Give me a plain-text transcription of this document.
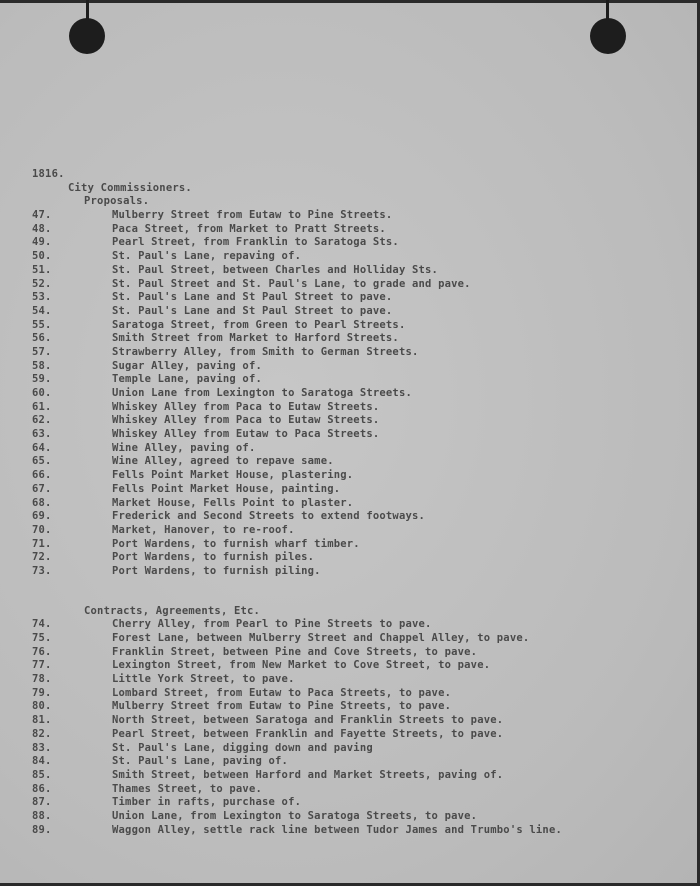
1816.
City Commissioners.
Proposals.
47.	Mulberry Street from Eutaw to Pine Streets.
48.	Paca Street, from Market to Pratt Streets.
49.	Pearl Street, from Franklin to Saratoga Sts.
50.	St. Paul's Lane, repaving of.
51.	St. Paul Street, between Charles and Holliday Sts.
52.	St. Paul Street and St. Paul's Lane, to grade and pave.
53.	St. Paul's Lane and St Paul Street to pave.
54.	St. Paul's Lane and St Paul Street to pave.
55.	Saratoga Street, from Green to Pearl Streets.
56.	Smith Street from Market to Harford Streets.
57.	Strawberry Alley, from Smith to German Streets.
58.	Sugar Alley, paving of.
59.	Temple Lane, paving of.
60.	Union Lane from Lexington to Saratoga Streets.
61.	Whiskey Alley from Paca to Eutaw Streets.
62.	Whiskey Alley from Paca to Eutaw Streets.
63.	Whiskey Alley from Eutaw to Paca Streets.
64.	Wine Alley, paving of.
65.	Wine Alley, agreed to repave same.
66.	Fells Point Market House, plastering.
67.	Fells Point Market House, painting.
68.	Market House, Fells Point to plaster.
69.	Frederick and Second Streets to extend footways.
70.	Market, Hanover, to re-roof.
71.	Port Wardens, to furnish wharf timber.
72.	Port Wardens, to furnish piles.
73.	Port Wardens, to furnish piling.
Contracts, Agreements, Etc.
74.	Cherry Alley, from Pearl to Pine Streets to pave.
75.	Forest Lane, between Mulberry Street and Chappel Alley, to pave.
76.	Franklin Street, between Pine and Cove Streets, to pave.
77.	Lexington Street, from New Market to Cove Street, to pave.
78.	Little York Street, to pave.
79.	Lombard Street, from Eutaw to Paca Streets, to pave.
80.	Mulberry Street from Eutaw to Pine Streets, to pave.
81.	North Street, between Saratoga and Franklin Streets to pave.
82.	Pearl Street, between Franklin and Fayette Streets, to pave.
83.	St. Paul's Lane, digging down and paving
84.	St. Paul's Lane, paving of.
85.	Smith Street, between Harford and Market Streets, paving of.
86.	Thames Street, to pave.
87.	Timber in rafts, purchase of.
88.	Union Lane, from Lexington to Saratoga Streets, to pave.
89.	Waggon Alley, settle rack line between Tudor James and Trumbo's line.
